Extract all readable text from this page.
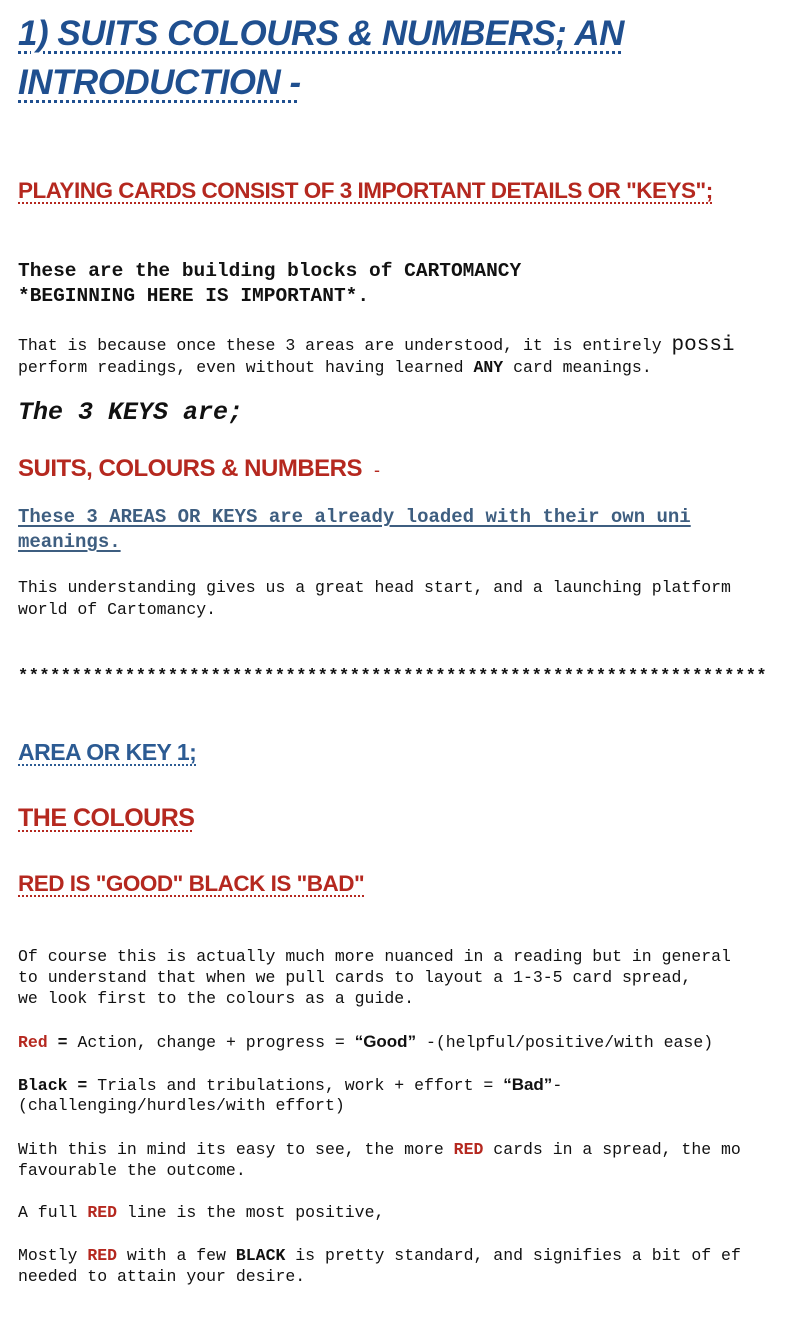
1) SUITS COLOURS & NUMBERS; AN
INTRODUCTION -
PLAYING CARDS CONSIST OF 3 IMPORTANT DETAILS OR "KEYS";
These are the building blocks of CARTOMANCY
*BEGINNING HERE IS IMPORTANT*.
That is because once these 3 areas are understood, it is entirely possi
perform readings, even without having learned ANY card meanings.
The 3 KEYS are;
SUITS, COLOURS & NUMBERS -
These 3 AREAS OR KEYS are already loaded with their own uni
meanings.
This understanding gives us a great head start, and a launching platform
world of Cartomancy.
**********************************************************************
AREA OR KEY 1;
THE COLOURS
RED IS "GOOD" BLACK IS "BAD"
Of course this is actually much more nuanced in a reading but in general
to understand that when we pull cards to layout a 1-3-5 card spread,
we look first to the colours as a guide.
Red = Action, change + progress = “Good” -(helpful/positive/with ease)
Black = Trials and tribulations, work + effort = “Bad”-
(challenging/hurdles/with effort)
With this in mind its easy to see, the more RED cards in a spread, the mo
favourable the outcome.
A full RED line is the most positive,
Mostly RED with a few BLACK is pretty standard, and signifies a bit of ef
needed to attain your desire.
